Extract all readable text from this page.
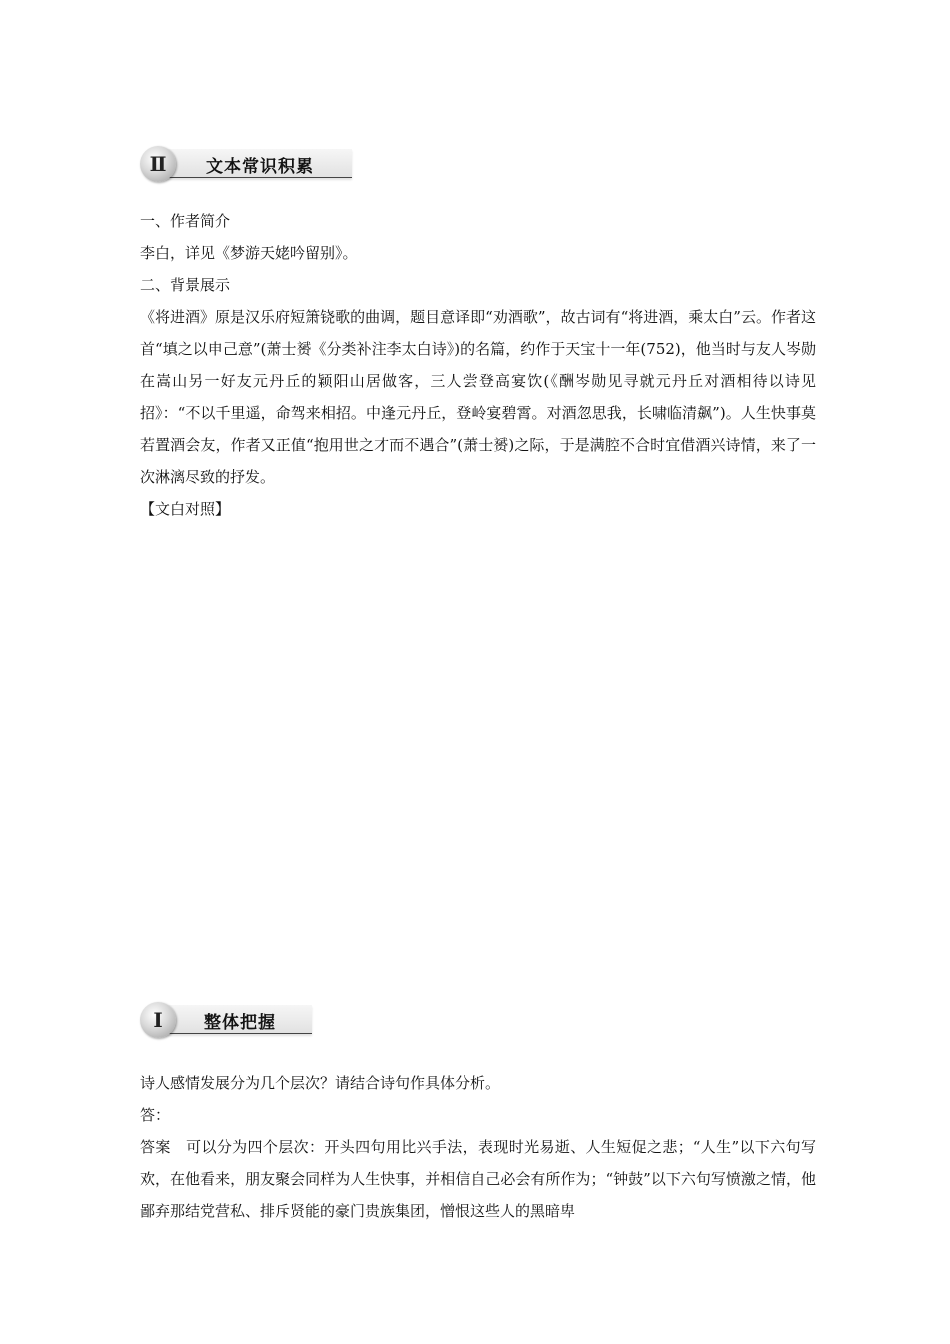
Ⅱ 文本常识积累

一、作者简介

李白，详见《梦游天姥吟留别》。

二、背景展示

《将进酒》原是汉乐府短箫铙歌的曲调，题目意译即“劝酒歌”，故古词有“将进酒，乘太白”云。作者这首“填之以申己意”(萧士赟《分类补注李太白诗》)的名篇，约作于天宝十一年(752)，他当时与友人岑勋在嵩山另一好友元丹丘的颖阳山居做客，三人尝登高宴饮(《酬岑勋见寻就元丹丘对酒相待以诗见招》：“不以千里遥，命驾来相招。中逢元丹丘，登岭宴碧霄。对酒忽思我，长啸临清飙”)。人生快事莫若置酒会友，作者又正值“抱用世之才而不遇合”(萧士赟)之际，于是满腔不合时宜借酒兴诗情，来了一次淋漓尽致的抒发。

【文白对照】

Ⅰ 整体把握

诗人感情发展分为几个层次？请结合诗句作具体分析。

答：

答案　可以分为四个层次：开头四句用比兴手法，表现时光易逝、人生短促之悲；“人生”以下六句写欢，在他看来，朋友聚会同样为人生快事，并相信自己必会有所作为；“钟鼓”以下六句写愤激之情，他鄙弃那结党营私、排斥贤能的豪门贵族集团，憎恨这些人的黑暗卑
